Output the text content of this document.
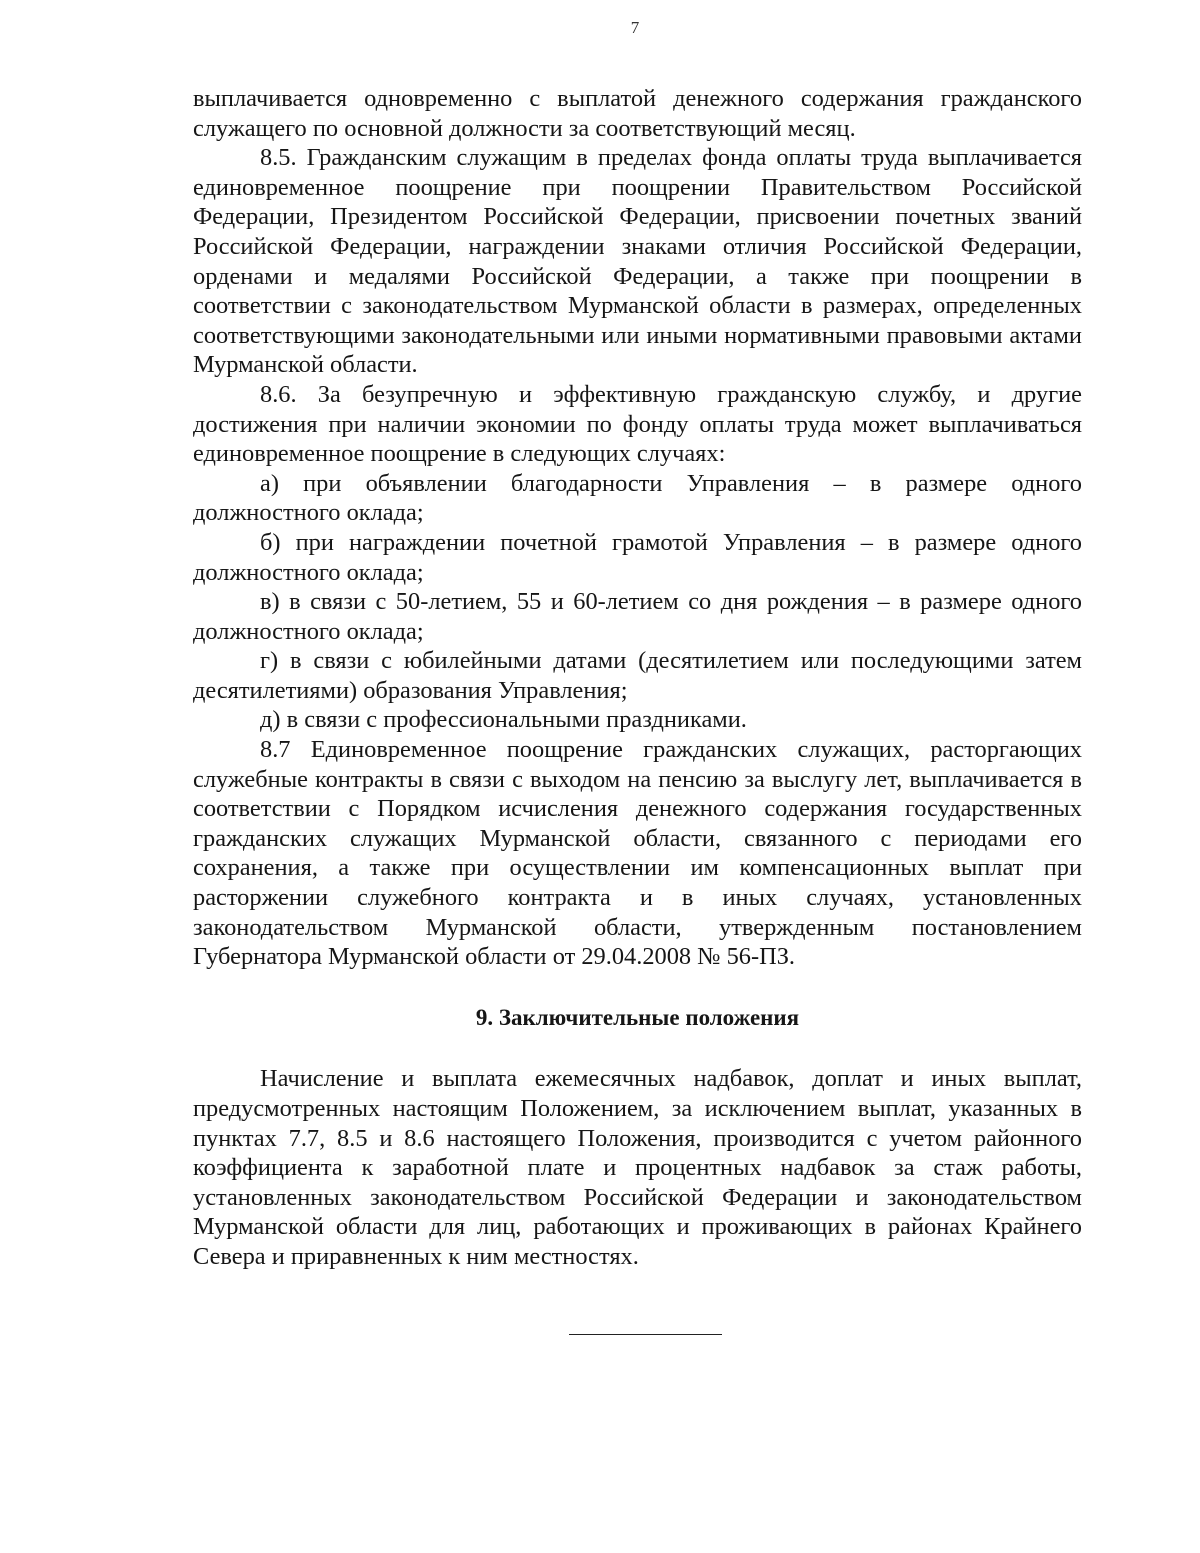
7

выплачивается одновременно с выплатой денежного содержания гражданского служащего по основной должности за соответствующий месяц.

8.5. Гражданским служащим в пределах фонда оплаты труда выплачивается единовременное поощрение при поощрении Правительством Российской Федерации, Президентом Российской Федерации, присвоении почетных званий Российской Федерации, награждении знаками отличия Российской Федерации, орденами и медалями Российской Федерации, а также при поощрении в соответствии с законодательством Мурманской области в размерах, определенных соответствующими законодательными или иными нормативными правовыми актами Мурманской области.

8.6. За безупречную и эффективную гражданскую службу, и другие достижения при наличии экономии по фонду оплаты труда может выплачиваться единовременное поощрение в следующих случаях:

а) при объявлении благодарности Управления – в размере одного должностного оклада;

б) при награждении почетной грамотой Управления – в размере одного должностного оклада;

в) в связи с 50-летием, 55 и 60-летием со дня рождения – в размере одного должностного оклада;

г) в связи с юбилейными датами (десятилетием или последующими затем десятилетиями) образования Управления;

д) в связи с профессиональными праздниками.

8.7 Единовременное поощрение гражданских служащих, расторгающих служебные контракты в связи с выходом на пенсию за выслугу лет, выплачивается в соответствии с Порядком исчисления денежного содержания государственных гражданских служащих Мурманской области, связанного с периодами его сохранения, а также при осуществлении им компенсационных выплат при расторжении служебного контракта и в иных случаях, установленных законодательством Мурманской области, утвержденным постановлением Губернатора Мурманской области от 29.04.2008 № 56-ПЗ.

9. Заключительные положения

Начисление и выплата ежемесячных надбавок, доплат и иных выплат, предусмотренных настоящим Положением, за исключением выплат, указанных в пунктах 7.7, 8.5 и 8.6 настоящего Положения, производится с учетом районного коэффициента к заработной плате и процентных надбавок за стаж работы, установленных законодательством Российской Федерации и законодательством Мурманской области для лиц, работающих и проживающих в районах Крайнего Севера и приравненных к ним местностях.
